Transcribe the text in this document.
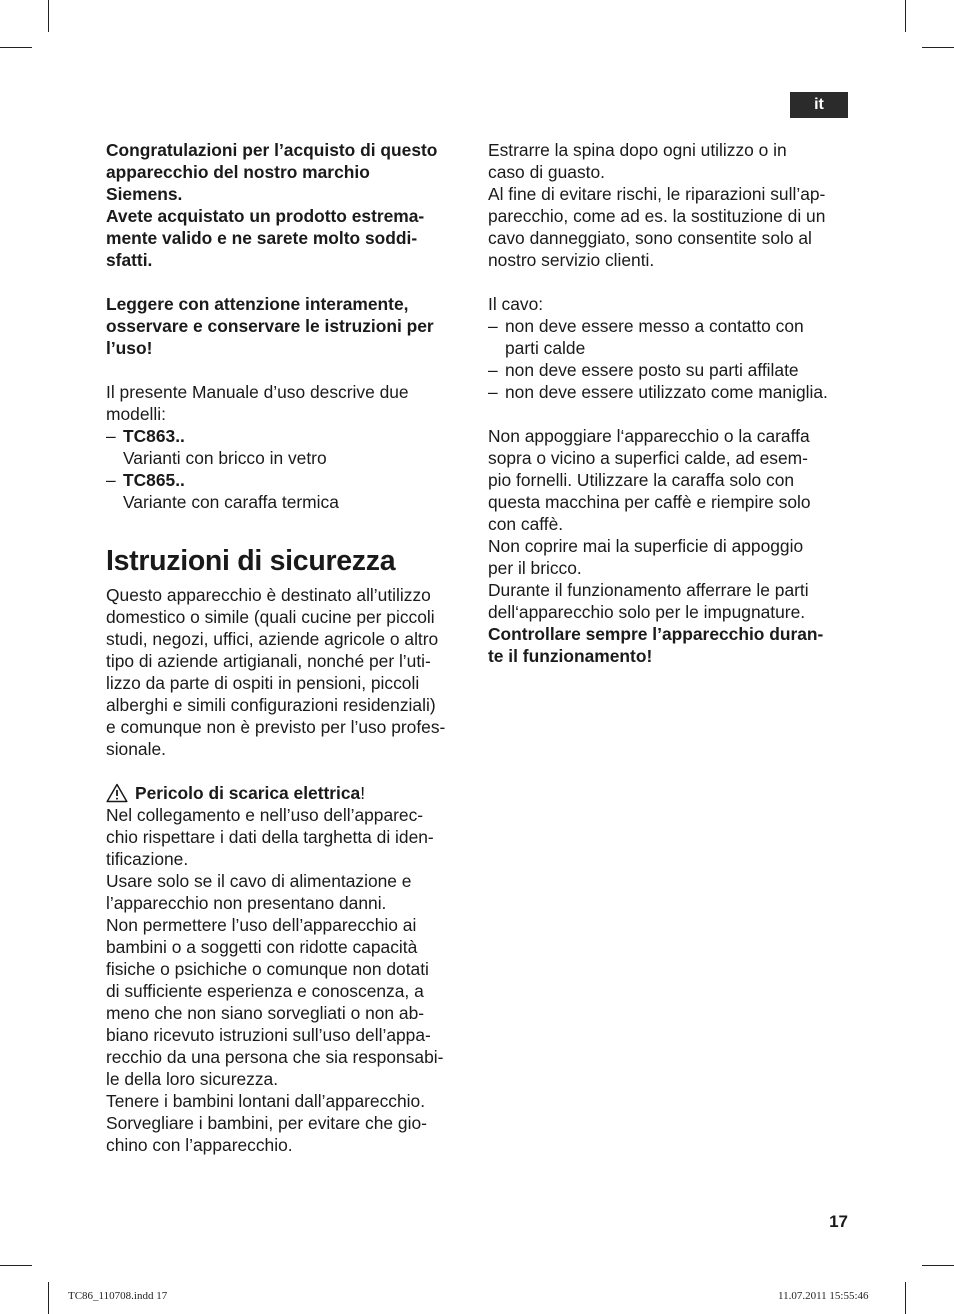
it

Congratulazioni per l’acquisto di questo

apparecchio del nostro marchio

Siemens.

Avete acquistato un prodotto estrema-

mente valido e ne sarete molto soddi-

sfatti.

Leggere con attenzione interamente,

osservare e conservare le istruzioni per

l’uso!

Il presente Manuale d’uso descrive due

modelli:

– TC863..
Varianti con bricco in vetro
– TC865..
Variante con caraffa termica
Istruzioni di sicurezza

Questo apparecchio è destinato all’utilizzo

domestico o simile (quali cucine per piccoli

studi, negozi, uffici, aziende agricole o altro

tipo di aziende artigianali, nonché per l’uti-

lizzo da parte di ospiti in pensioni, piccoli

alberghi e simili configurazioni residenziali)

e comunque non è previsto per l’uso profes-

sionale.

Pericolo di scarica elettrica!

Nel collegamento e nell’uso dell’apparec-

chio rispettare i dati della targhetta di iden-

tificazione.

Usare solo se il cavo di alimentazione e

l’apparecchio non presentano danni.

Non permettere l’uso dell’apparecchio ai

bambini o a soggetti con ridotte capacità

fisiche o psichiche o comunque non dotati

di sufficiente esperienza e conoscenza, a

meno che non siano sorvegliati o non ab-

biano ricevuto istruzioni sull’uso dell’appa-

recchio da una persona che sia responsabi-

le della loro sicurezza.

Tenere i bambini lontani dall’apparecchio.

Sorvegliare i bambini, per evitare che gio-

chino con l’apparecchio.

Estrarre la spina dopo ogni utilizzo o in

caso di guasto.

Al fine di evitare rischi, le riparazioni sull’ap-

parecchio, come ad es. la sostituzione di un

cavo danneggiato, sono consentite solo al

nostro servizio clienti.

Il cavo:

– non deve essere messo a contatto con
parti calde
– non deve essere posto su parti affilate
– non deve essere utilizzato come maniglia.

Non appoggiare l‘apparecchio o la caraffa

sopra o vicino a superfici calde, ad esem-

pio fornelli. Utilizzare la caraffa solo con

questa macchina per caffè e riempire solo

con caffè.

Non coprire mai la superficie di appoggio

per il bricco.

Durante il funzionamento afferrare le parti

dell‘apparecchio solo per le impugnature.

Controllare sempre l’apparecchio duran-

te il funzionamento!

17
TC86_110708.indd 17	11.07.2011 15:55:46
